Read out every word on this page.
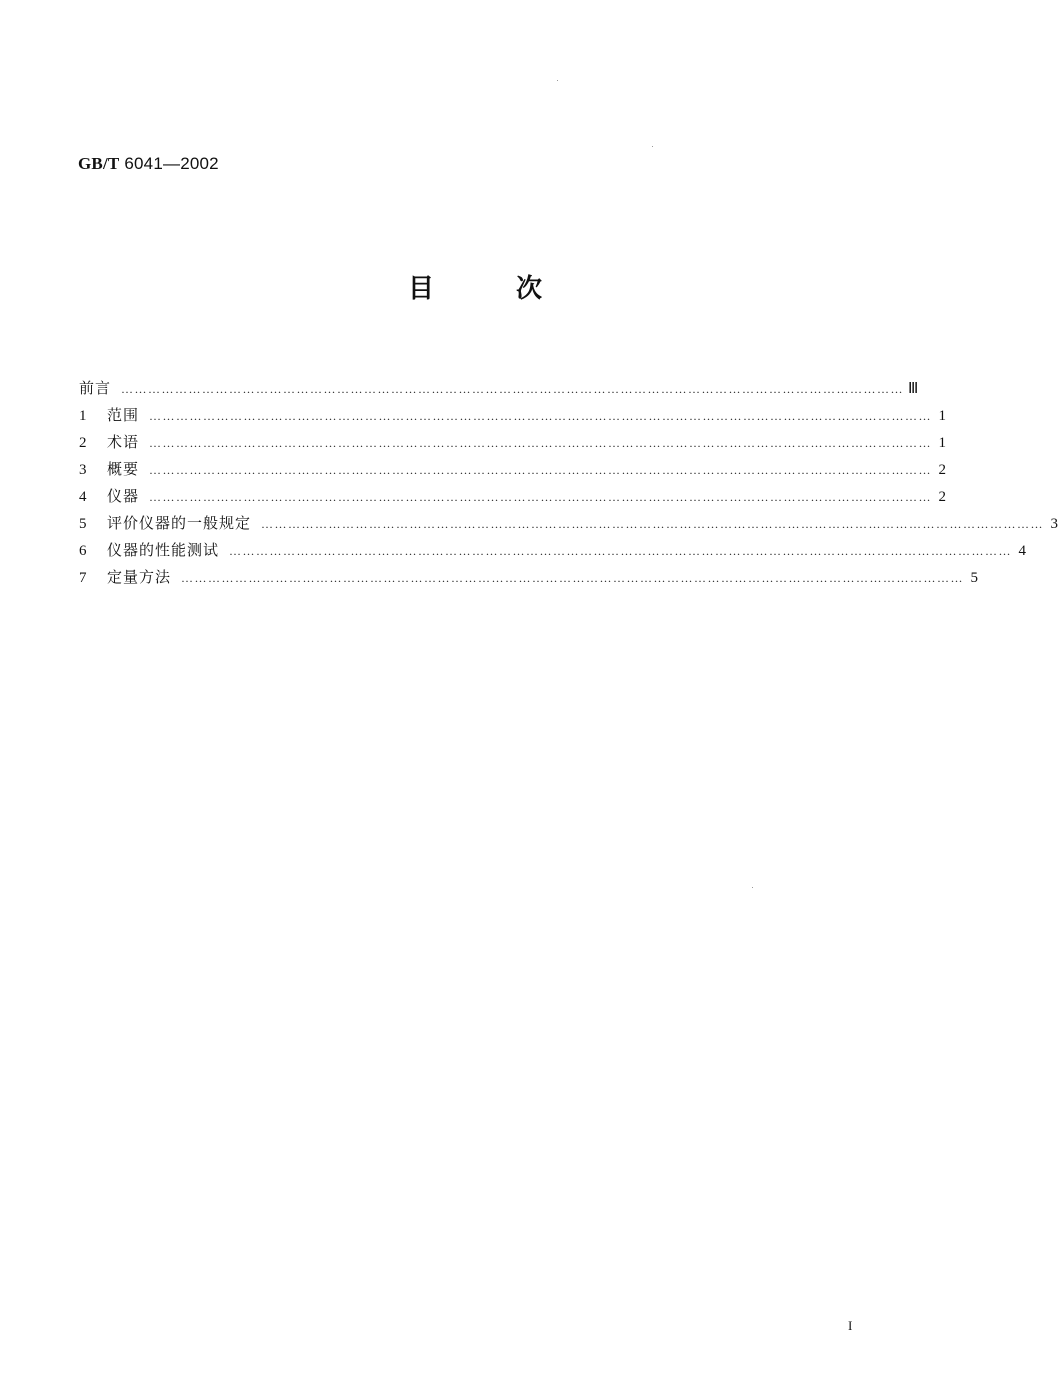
GB/T 6041—2002
目	次
前言 ………………………………………………………………………………………………………………………………………………………… Ⅲ
1	范围 ………………………………………………………………………………………………………………………………………………………… 1
2	术语 ………………………………………………………………………………………………………………………………………………………… 1
3	概要 ………………………………………………………………………………………………………………………………………………………… 2
4	仪器 ………………………………………………………………………………………………………………………………………………………… 2
5	评价仪器的一般规定 ………………………………………………………………………………………………………………………………………………………… 3
6	仪器的性能测试 ………………………………………………………………………………………………………………………………………………………… 4
7	定量方法 ………………………………………………………………………………………………………………………………………………………… 5
I
